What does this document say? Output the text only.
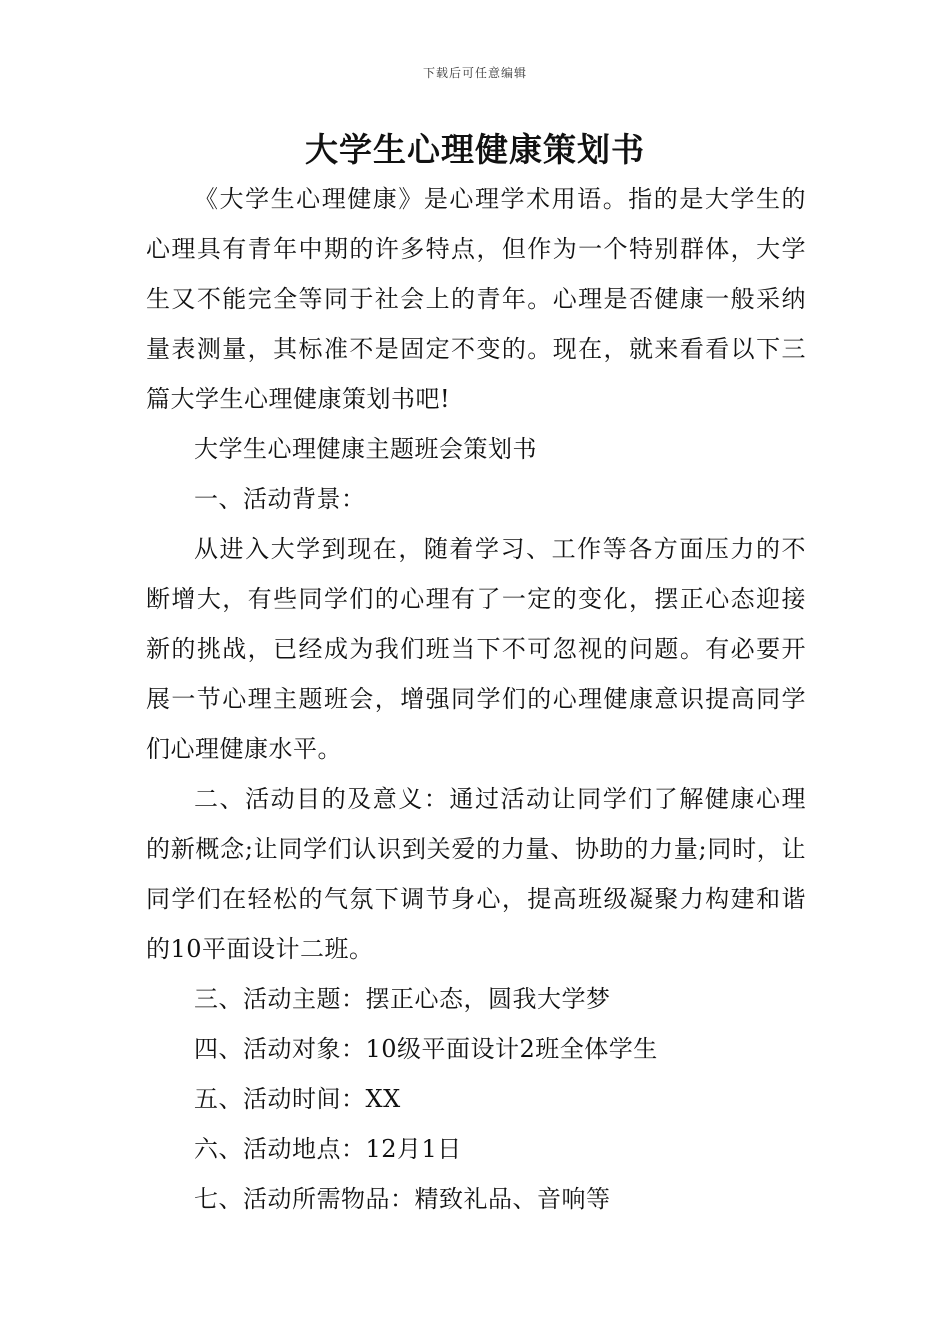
下载后可任意编辑
大学生心理健康策划书

《大学生心理健康》是心理学术用语。指的是大学生的心理具有青年中期的许多特点，但作为一个特别群体，大学生又不能完全等同于社会上的青年。心理是否健康一般采纳量表测量，其标准不是固定不变的。现在，就来看看以下三篇大学生心理健康策划书吧!

大学生心理健康主题班会策划书

一、活动背景：

从进入大学到现在，随着学习、工作等各方面压力的不断增大，有些同学们的心理有了一定的变化，摆正心态迎接新的挑战，已经成为我们班当下不可忽视的问题。有必要开展一节心理主题班会，增强同学们的心理健康意识提高同学们心理健康水平。

二、活动目的及意义：通过活动让同学们了解健康心理的新概念;让同学们认识到关爱的力量、协助的力量;同时，让同学们在轻松的气氛下调节身心，提高班级凝聚力构建和谐的10平面设计二班。

三、活动主题：摆正心态，圆我大学梦

四、活动对象：10级平面设计2班全体学生

五、活动时间：XX

六、活动地点：12月1日

七、活动所需物品：精致礼品、音响等
